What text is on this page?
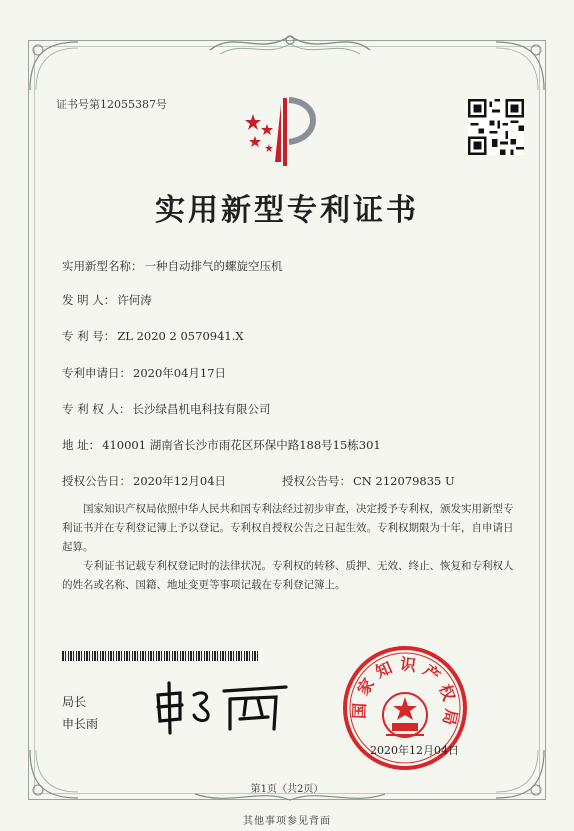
证书号第12055387号
实用新型专利证书
实用新型名称： 一种自动排气的螺旋空压机
发 明 人： 许何涛
专 利 号： ZL 2020 2 0570941.X
专利申请日： 2020年04月17日
专 利 权 人： 长沙绿昌机电科技有限公司
地 址： 410001 湖南省长沙市雨花区环保中路188号15栋301
授权公告日： 2020年12月04日	授权公告号： CN 212079835 U
国家知识产权局依照中华人民共和国专利法经过初步审查，决定授予专利权，颁发实用新型专利证书并在专利登记簿上予以登记。专利权自授权公告之日起生效。专利权期限为十年，自申请日起算。
专利证书记载专利权登记时的法律状况。专利权的转移、质押、无效、终止、恢复和专利权人的姓名或名称、国籍、地址变更等事项记载在专利登记簿上。
局长
申长雨
国家知识产权局
2020年12月04日
第1页（共2页）
其他事项参见背面
